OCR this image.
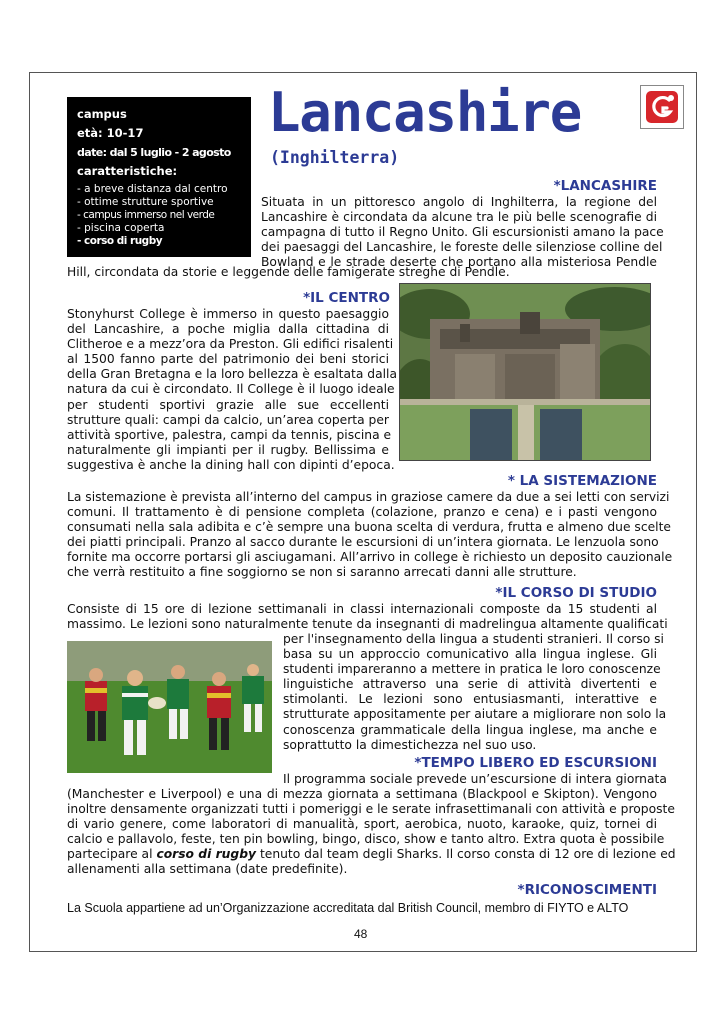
campus
età: 10-17
date: dal 5 luglio - 2 agosto
caratteristiche:
- a breve distanza dal centro
- ottime strutture sportive
- campus immerso nel verde
- piscina coperta
- corso di rugby
Lancashire
(Inghilterra)
*LANCASHIRE
Situata in un pittoresco angolo di Inghilterra, la regione del
Lancashire è circondata da alcune tra le più belle scenografie di
campagna di tutto il Regno Unito. Gli escursionisti amano la pace
dei paesaggi del Lancashire, le foreste delle silenziose colline del
Bowland e le strade deserte che portano alla misteriosa Pendle
Hill, circondata da storie e leggende delle famigerate streghe di Pendle.
*IL CENTRO
Stonyhurst College è immerso in questo paesaggio
del Lancashire, a poche miglia dalla cittadina di
Clitheroe e a mezz’ora da Preston. Gli edifici risalenti
al 1500 fanno parte del patrimonio dei beni storici
della Gran Bretagna e la loro bellezza è esaltata dalla
natura da cui è circondato. Il College è il luogo ideale
per studenti sportivi grazie alle sue eccellenti
strutture quali: campi da calcio, un’area coperta per
attività sportive, palestra, campi da tennis, piscina e
naturalmente gli impianti per il rugby. Bellissima e
suggestiva è anche la dining hall con dipinti d’epoca.
* LA SISTEMAZIONE
La sistemazione è prevista all’interno del campus in graziose camere da due a sei letti con servizi
comuni. Il trattamento è di pensione completa (colazione, pranzo e cena) e i pasti vengono
consumati nella sala adibita e c’è sempre una buona scelta di verdura, frutta e almeno due scelte
dei piatti principali. Pranzo al sacco durante le escursioni di un’intera giornata. Le lenzuola sono
fornite ma occorre portarsi gli asciugamani. All’arrivo in college è richiesto un deposito cauzionale
che verrà restituito a fine soggiorno se non si saranno arrecati danni alle strutture.
*IL CORSO DI STUDIO
Consiste di 15 ore di lezione settimanali in classi internazionali composte da 15 studenti al
massimo. Le lezioni sono naturalmente tenute da insegnanti di madrelingua altamente qualificati
per l'insegnamento della lingua a studenti stranieri. Il corso si
basa su un approccio comunicativo alla lingua inglese. Gli
studenti impareranno a mettere in pratica le loro conoscenze
linguistiche attraverso una serie di attività divertenti e
stimolanti. Le lezioni sono entusiasmanti, interattive e
strutturate appositamente per aiutare a migliorare non solo la
conoscenza grammaticale della lingua inglese, ma anche e
soprattutto la dimestichezza nel suo uso.
*TEMPO LIBERO ED ESCURSIONI
Il programma sociale prevede un’escursione di intera giornata
(Manchester e Liverpool) e una di mezza giornata a settimana (Blackpool e Skipton). Vengono
inoltre densamente organizzati tutti i pomeriggi e le serate infrasettimanali con attività e proposte
di vario genere, come laboratori di manualità, sport, aerobica, nuoto, karaoke, quiz, tornei di
calcio e pallavolo, feste, ten pin bowling, bingo, disco, show e tanto altro. Extra quota è possibile
partecipare al corso di rugby tenuto dal team degli Sharks. Il corso consta di 12 ore di lezione ed
allenamenti alla settimana (date predefinite).
*RICONOSCIMENTI
La Scuola appartiene ad un’Organizzazione accreditata dal British Council, membro di FIYTO e ALTO
48
